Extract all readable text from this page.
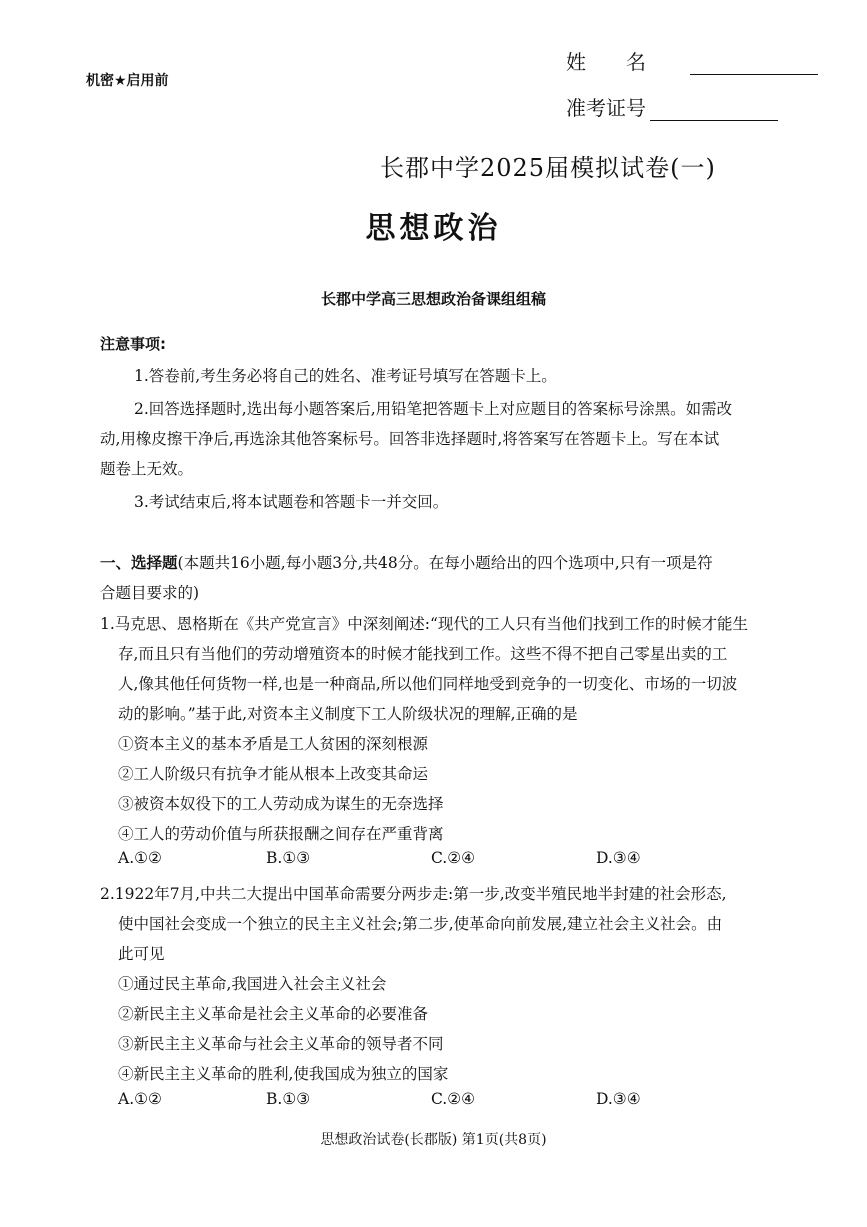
机密★启用前
姓名
准考证号
长郡中学2025届模拟试卷(一)
思想政治
长郡中学高三思想政治备课组组稿
注意事项:
1.答卷前,考生务必将自己的姓名、准考证号填写在答题卡上。
2.回答选择题时,选出每小题答案后,用铅笔把答题卡上对应题目的答案标号涂黑。如需改
动,用橡皮擦干净后,再选涂其他答案标号。回答非选择题时,将答案写在答题卡上。写在本试
题卷上无效。
3.考试结束后,将本试题卷和答题卡一并交回。
一、选择题(本题共16小题,每小题3分,共48分。在每小题给出的四个选项中,只有一项是符
合题目要求的)
1.马克思、恩格斯在《共产党宣言》中深刻阐述:“现代的工人只有当他们找到工作的时候才能生
存,而且只有当他们的劳动增殖资本的时候才能找到工作。这些不得不把自己零星出卖的工
人,像其他任何货物一样,也是一种商品,所以他们同样地受到竞争的一切变化、市场的一切波
动的影响。”基于此,对资本主义制度下工人阶级状况的理解,正确的是
①资本主义的基本矛盾是工人贫困的深刻根源
②工人阶级只有抗争才能从根本上改变其命运
③被资本奴役下的工人劳动成为谋生的无奈选择
④工人的劳动价值与所获报酬之间存在严重背离
A.①②	B.①③	C.②④	D.③④
2.1922年7月,中共二大提出中国革命需要分两步走:第一步,改变半殖民地半封建的社会形态,
使中国社会变成一个独立的民主主义社会;第二步,使革命向前发展,建立社会主义社会。由
此可见
①通过民主革命,我国进入社会主义社会
②新民主主义革命是社会主义革命的必要准备
③新民主主义革命与社会主义革命的领导者不同
④新民主主义革命的胜利,使我国成为独立的国家
A.①②	B.①③	C.②④	D.③④
思想政治试卷(长郡版) 第1页(共8页)
